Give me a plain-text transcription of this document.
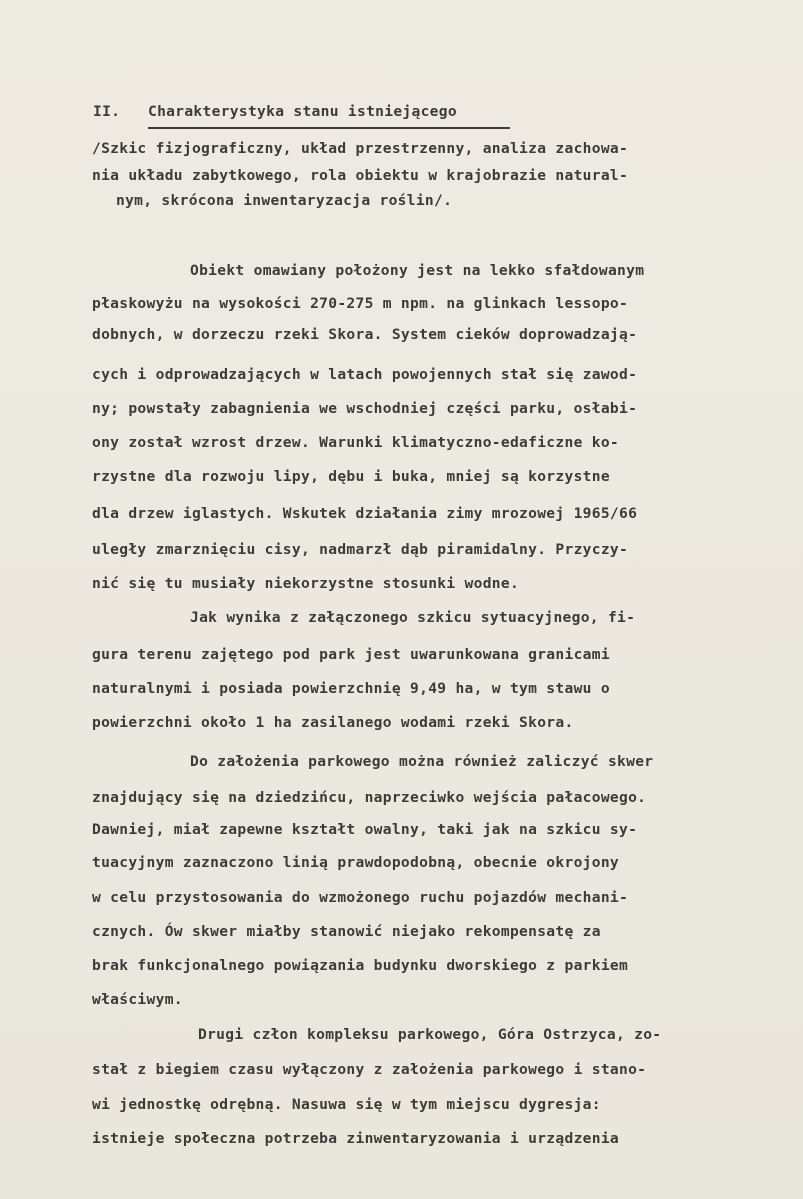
II. Charakterystyka stanu istniejącego
/Szkic fizjograficzny, układ przestrzenny, analiza zachowa-
nia układu zabytkowego, rola obiektu w krajobrazie natural-
nym, skrócona inwentaryzacja roślin/.
Obiekt omawiany położony jest na lekko sfałdowanym
płaskowyżu na wysokości 270-275 m npm. na glinkach lessopo-
dobnych, w dorzeczu rzeki Skora. System cieków doprowadzają-
cych i odprowadzających w latach powojennych stał się zawod-
ny; powstały zabagnienia we wschodniej części parku, osłabi-
ony został wzrost drzew. Warunki klimatyczno-edaficzne ko-
rzystne dla rozwoju lipy, dębu i buka, mniej są korzystne
dla drzew iglastych. Wskutek działania zimy mrozowej 1965/66
uległy zmarznięciu cisy, nadmarzł dąb piramidalny. Przyczy-
nić się tu musiały niekorzystne stosunki wodne.
Jak wynika z załączonego szkicu sytuacyjnego, fi-
gura terenu zajętego pod park jest uwarunkowana granicami
naturalnymi i posiada powierzchnię 9,49 ha, w tym stawu o
powierzchni około 1 ha zasilanego wodami rzeki Skora.
Do założenia parkowego można również zaliczyć skwer
znajdujący się na dziedzińcu, naprzeciwko wejścia pałacowego.
Dawniej, miał zapewne kształt owalny, taki jak na szkicu sy-
tuacyjnym zaznaczono linią prawdopodobną, obecnie okrojony
w celu przystosowania do wzmożonego ruchu pojazdów mechani-
cznych. Ów skwer miałby stanowić niejako rekompensatę za
brak funkcjonalnego powiązania budynku dworskiego z parkiem
właściwym.
Drugi człon kompleksu parkowego, Góra Ostrzyca, zo-
stał z biegiem czasu wyłączony z założenia parkowego i stano-
wi jednostkę odrębną. Nasuwa się w tym miejscu dygresja:
istnieje społeczna potrzeba zinwentaryzowania i urządzenia
